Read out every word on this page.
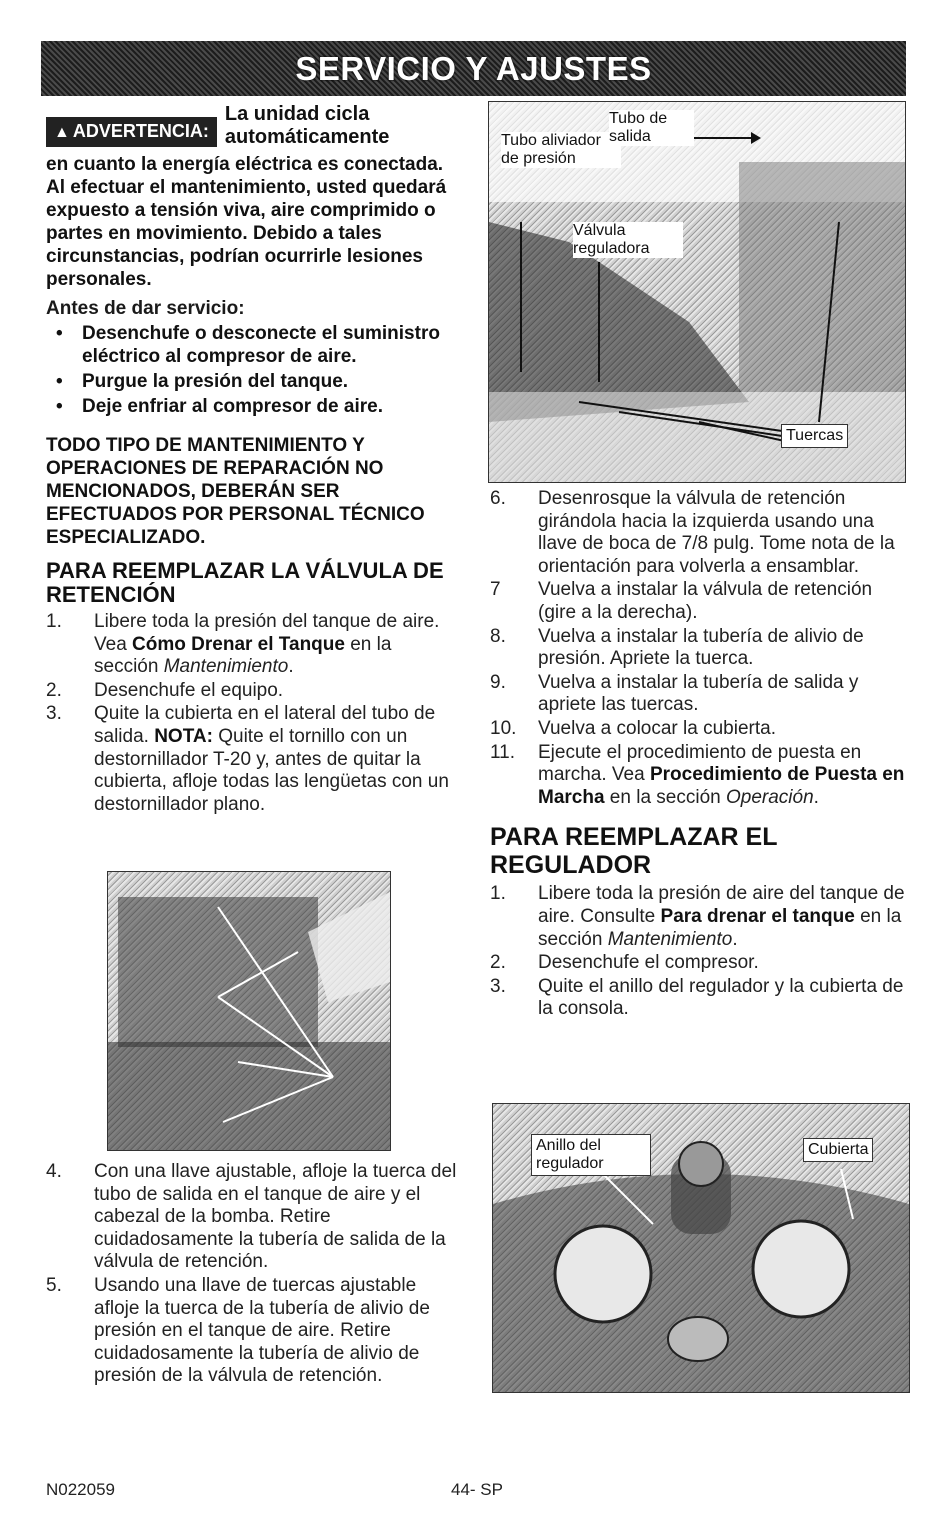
SERVICIO Y AJUSTES
▲ ADVERTENCIA:

La unidad cicla automáticamente

en cuanto la energía eléctrica es conectada. Al efectuar el mantenimiento, usted quedará expuesto a tensión viva, aire comprimido o partes en movimiento. Debido a tales circunstancias, podrían ocurrirle lesiones personales.

Antes de dar servicio:

• Desenchufe o desconecte el suministro eléctrico al compresor de aire.
• Purgue la presión del tanque.
• Deje enfriar al compresor de aire.

TODO TIPO DE MANTENIMIENTO Y OPERACIONES DE REPARACIÓN NO MENCIONADOS, DEBERÁN SER EFECTUADOS POR PERSONAL TÉCNICO ESPECIALIZADO.

PARA REEMPLAZAR LA VÁLVULA DE RETENCIÓN
1. Libere toda la presión del tanque de aire. Vea Cómo Drenar el Tanque en la sección Mantenimiento.
2. Desenchufe el equipo.
3. Quite la cubierta en el lateral del tubo de salida. NOTA: Quite el tornillo con un destornillador T-20 y, antes de quitar la cubierta, afloje todas las lengüetas con un destornillador plano.
4. Con una llave ajustable, afloje la tuerca del tubo de salida en el tanque de aire y el cabezal de la bomba. Retire cuidadosamente la tubería de salida de la válvula de retención.
5. Usando una llave de tuercas ajustable afloje la tuerca de la tubería de alivio de presión en el tanque de aire. Retire cuidadosamente la tubería de alivio de presión de la válvula de retención.
Tubo aliviador de presión
Tubo de salida
Válvula reguladora
Tuercas
6. Desenrosque la válvula de retención girándola hacia la izquierda usando una llave de boca de 7/8 pulg. Tome nota de la orientación para volverla a ensamblar.
7 Vuelva a instalar la válvula de retención (gire a la derecha).
8. Vuelva a instalar la tubería de alivio de presión. Apriete la tuerca.
9. Vuelva a instalar la tubería de salida y apriete las tuercas.
10. Vuelva a colocar la cubierta.
11. Ejecute el procedimiento de puesta en marcha. Vea Procedimiento de Puesta en Marcha en la sección Operación.
PARA REEMPLAZAR EL REGULADOR
1. Libere toda la presión de aire del tanque de aire. Consulte Para drenar el tanque en la sección Mantenimiento.
2. Desenchufe el compresor.
3. Quite el anillo del regulador y la cubierta de la consola.
Anillo del regulador
Cubierta
N022059	44- SP
